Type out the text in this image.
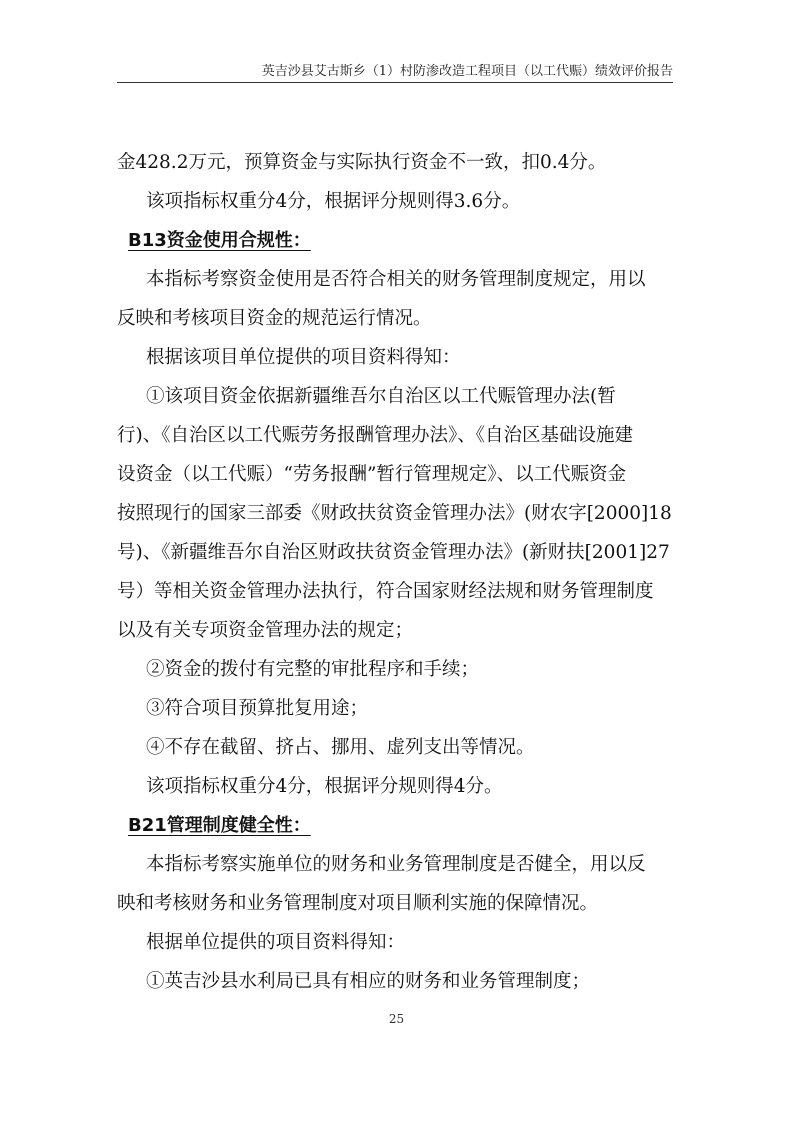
英吉沙县艾古斯乡（1）村防渗改造工程项目（以工代赈）绩效评价报告

金428.2万元，预算资金与实际执行资金不一致，扣0.4分。

该项指标权重分4分，根据评分规则得3.6分。

B13资金使用合规性：

本指标考察资金使用是否符合相关的财务管理制度规定，用以

反映和考核项目资金的规范运行情况。

根据该项目单位提供的项目资料得知：

①该项目资金依据新疆维吾尔自治区以工代赈管理办法(暂

行)、《自治区以工代赈劳务报酬管理办法》、《自治区基础设施建

设资金（以工代赈）“劳务报酬”暂行管理规定》、以工代赈资金

按照现行的国家三部委《财政扶贫资金管理办法》(财农字[2000]18

号)、《新疆维吾尔自治区财政扶贫资金管理办法》(新财扶[2001]27

号）等相关资金管理办法执行，符合国家财经法规和财务管理制度

以及有关专项资金管理办法的规定；

②资金的拨付有完整的审批程序和手续；

③符合项目预算批复用途；

④不存在截留、挤占、挪用、虚列支出等情况。

该项指标权重分4分，根据评分规则得4分。

B21管理制度健全性：

本指标考察实施单位的财务和业务管理制度是否健全，用以反

映和考核财务和业务管理制度对项目顺利实施的保障情况。

根据单位提供的项目资料得知：

①英吉沙县水利局已具有相应的财务和业务管理制度；

25
